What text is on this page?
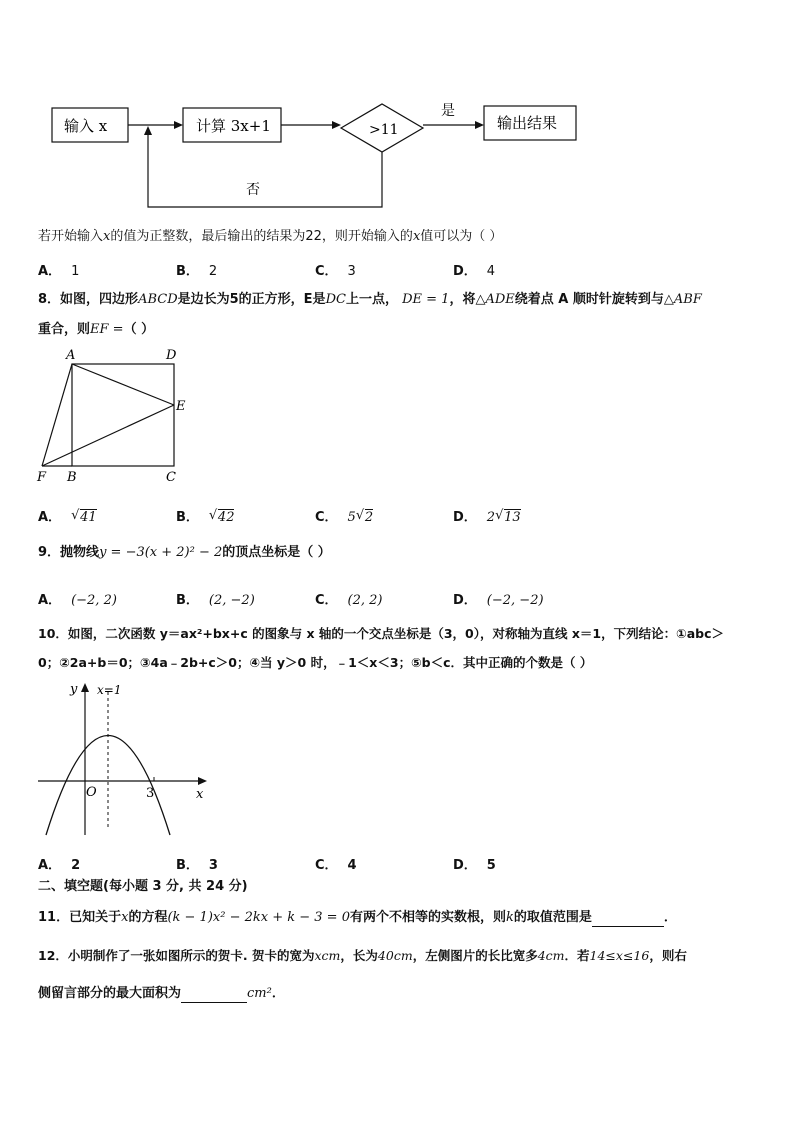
输入 x	计算 3x+1	>11
是
输出结果
否
若开始输入x的值为正整数，最后输出的结果为22，则开始输入的x值可以为（ ）
A． 1	B． 2	C． 3	D． 4
8．如图，四边形ABCD是边长为5的正方形，E是DC上一点， DE = 1，将△ADE绕着点 A 顺时针旋转到与△ABF
重合，则EF =（ ）
A	D
E
F B	C
A． √ 41	B． √ 42	C． 5 √ 2	D． 2 √ 13
9．抛物线y = −3(x + 2)² − 2的顶点坐标是（ ）
A． (−2, 2)	B． (2, −2)	C． (2, 2)	D． (−2, −2)
10．如图，二次函数 y＝ax²+bx+c 的图象与 x 轴的一个交点坐标是（3，0），对称轴为直线 x＝1，下列结论：①abc＞
0；②2a+b＝0；③4a﹣2b+c＞0；④当 y＞0 时，﹣1＜x＜3；⑤b＜c．其中正确的个数是（ ）
y x=1
O	3	x
A． 2	B． 3	C． 4	D． 5
二、填空题(每小题 3 分, 共 24 分)
11．已知关于x的方程(k − 1)x² − 2kx + k − 3 = 0有两个不相等的实数根，则k的取值范围是	．
12．小明制作了一张如图所示的贺卡. 贺卡的宽为xcm，长为40cm，左侧图片的长比宽多4cm．若14≤x≤16，则右
侧留言部分的最大面积为	cm²．
